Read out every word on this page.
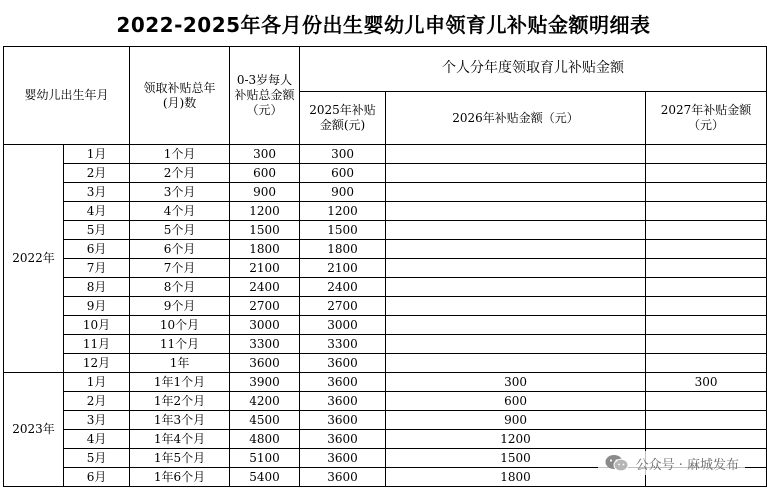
2022-2025年各月份出生婴幼儿申领育儿补贴金额明细表
婴幼儿出生年月		领取补贴总年(月)数	0-3岁每人补贴总金额（元）	个人分年度领取育儿补贴金额		
				2025年补贴金额(元)	2026年补贴金额（元）	2027年补贴金额（元）
2022年	1月	1个月	300	300		
	2月	2个月	600	600		
	3月	3个月	900	900		
	4月	4个月	1200	1200		
	5月	5个月	1500	1500		
	6月	6个月	1800	1800		
	7月	7个月	2100	2100		
	8月	8个月	2400	2400		
	9月	9个月	2700	2700		
	10月	10个月	3000	3000		
	11月	11个月	3300	3300		
	12月	1年	3600	3600		
2023年	1月	1年1个月	3900	3600	300	300
	2月	1年2个月	4200	3600	600	
	3月	1年3个月	4500	3600	900	
	4月	1年4个月	4800	3600	1200	
	5月	1年5个月	5100	3600	1500	
	6月	1年6个月	5400	3600	1800	
公众号 · 麻城发布
